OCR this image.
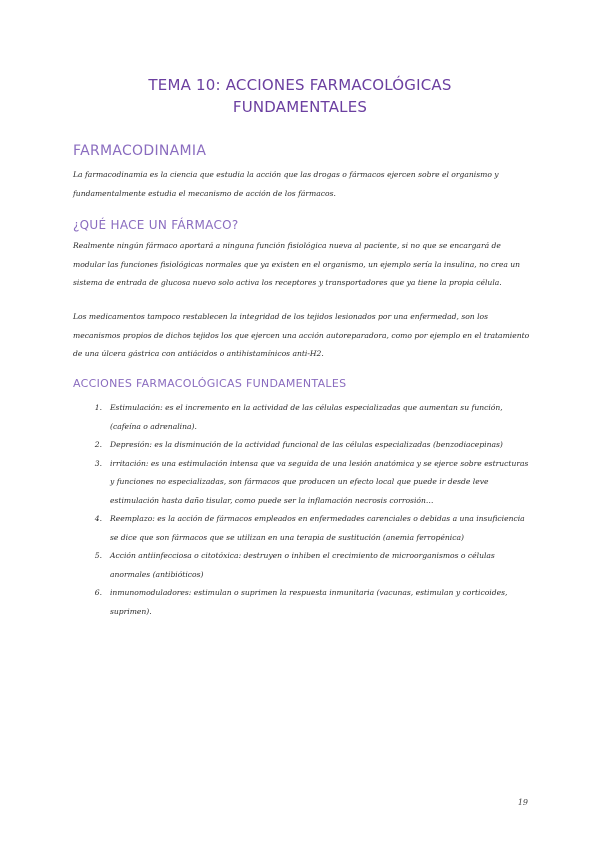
TEMA 10: ACCIONES FARMACOLÓGICAS
FUNDAMENTALES
FARMACODINAMIA

La farmacodinamia es la ciencia que estudia la acción que las drogas o fármacos ejercen sobre el organismo y fundamentalmente estudia el mecanismo de acción de los fármacos.

¿QUÉ HACE UN FÁRMACO?

Realmente ningún fármaco aportará a ninguna función fisiológica nueva al paciente, si no que se encargará de modular las funciones fisiológicas normales que ya existen en el organismo, un ejemplo sería la insulina, no crea un sistema de entrada de glucosa nuevo solo activa los receptores y transportadores que ya tiene la propia célula.

Los medicamentos tampoco restablecen la integridad de los tejidos lesionados por una enfermedad, son los mecanismos propios de dichos tejidos los que ejercen una acción autoreparadora, como por ejemplo en el tratamiento de una úlcera gástrica con antiácidos o antihistamínicos anti-H2.

ACCIONES FARMACOLÓGICAS FUNDAMENTALES
1. Estimulación: es el incremento en la actividad de las células especializadas que aumentan su función, (cafeína o adrenalina).
2. Depresión: es la disminución de la actividad funcional de las células especializadas (benzodiacepinas)
3. irritación: es una estimulación intensa que va seguida de una lesión anatómica y se ejerce sobre estructuras y funciones no especializadas, son fármacos que producen un efecto local que puede ir desde leve estimulación hasta daño tisular, como puede ser la inflamación necrosis corrosión…
4. Reemplazo: es la acción de fármacos empleados en enfermedades carenciales o debidas a una insuficiencia se dice que son fármacos que se utilizan en una terapia de sustitución (anemia ferropénica)
5. Acción antiinfecciosa o citotóxica: destruyen o inhiben el crecimiento de microorganismos o células anormales (antibióticos)
6. inmunomoduladores: estimulan o suprimen la respuesta inmunitaria (vacunas, estimulan y corticoides, suprimen).
19
